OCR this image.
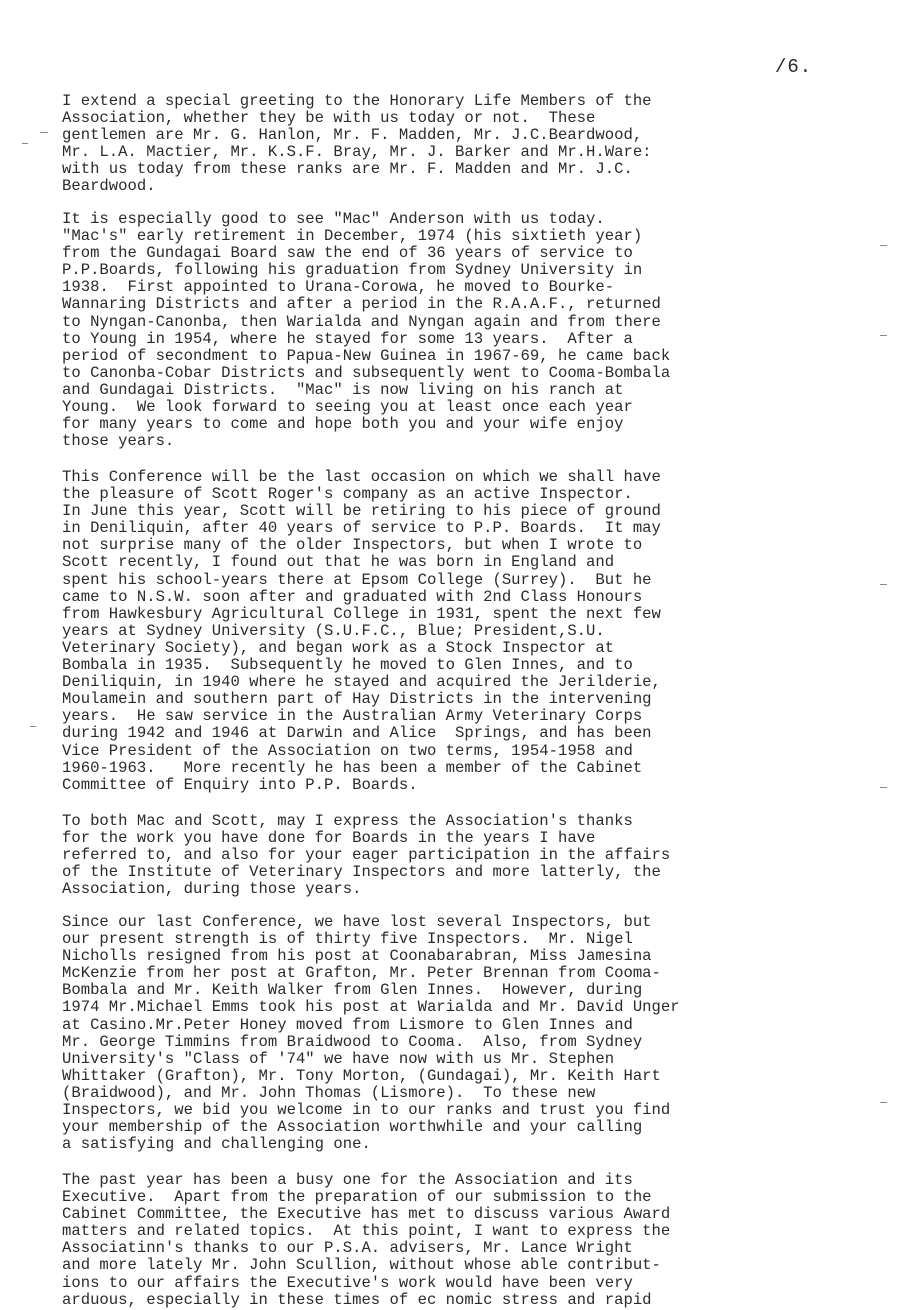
/6.
I extend a special greeting to the Honorary Life Members of the
Association, whether they be with us today or not.  These
gentlemen are Mr. G. Hanlon, Mr. F. Madden, Mr. J.C.Beardwood,
Mr. L.A. Mactier, Mr. K.S.F. Bray, Mr. J. Barker and Mr.H.Ware:
with us today from these ranks are Mr. F. Madden and Mr. J.C.
Beardwood.
It is especially good to see "Mac" Anderson with us today.
"Mac's" early retirement in December, 1974 (his sixtieth year)
from the Gundagai Board saw the end of 36 years of service to
P.P.Boards, following his graduation from Sydney University in
1938.  First appointed to Urana-Corowa, he moved to Bourke-
Wannaring Districts and after a period in the R.A.A.F., returned
to Nyngan-Canonba, then Warialda and Nyngan again and from there
to Young in 1954, where he stayed for some 13 years.  After a
period of secondment to Papua-New Guinea in 1967-69, he came back
to Canonba-Cobar Districts and subsequently went to Cooma-Bombala
and Gundagai Districts.  "Mac" is now living on his ranch at
Young.  We look forward to seeing you at least once each year
for many years to come and hope both you and your wife enjoy
those years.
This Conference will be the last occasion on which we shall have
the pleasure of Scott Roger's company as an active Inspector.
In June this year, Scott will be retiring to his piece of ground
in Deniliquin, after 40 years of service to P.P. Boards.  It may
not surprise many of the older Inspectors, but when I wrote to
Scott recently, I found out that he was born in England and
spent his school-years there at Epsom College (Surrey).  But he
came to N.S.W. soon after and graduated with 2nd Class Honours
from Hawkesbury Agricultural College in 1931, spent the next few
years at Sydney University (S.U.F.C., Blue; President,S.U.
Veterinary Society), and began work as a Stock Inspector at
Bombala in 1935.  Subsequently he moved to Glen Innes, and to
Deniliquin, in 1940 where he stayed and acquired the Jerilderie,
Moulamein and southern part of Hay Districts in the intervening
years.  He saw service in the Australian Army Veterinary Corps
during 1942 and 1946 at Darwin and Alice  Springs, and has been
Vice President of the Association on two terms, 1954-1958 and
1960-1963.   More recently he has been a member of the Cabinet
Committee of Enquiry into P.P. Boards.
To both Mac and Scott, may I express the Association's thanks
for the work you have done for Boards in the years I have
referred to, and also for your eager participation in the affairs
of the Institute of Veterinary Inspectors and more latterly, the
Association, during those years.
Since our last Conference, we have lost several Inspectors, but
our present strength is of thirty five Inspectors.  Mr. Nigel
Nicholls resigned from his post at Coonabarabran, Miss Jamesina
McKenzie from her post at Grafton, Mr. Peter Brennan from Cooma-
Bombala and Mr. Keith Walker from Glen Innes.  However, during
1974 Mr.Michael Emms took his post at Warialda and Mr. David Unger
at Casino.Mr.Peter Honey moved from Lismore to Glen Innes and
Mr. George Timmins from Braidwood to Cooma.  Also, from Sydney
University's "Class of '74" we have now with us Mr. Stephen
Whittaker (Grafton), Mr. Tony Morton, (Gundagai), Mr. Keith Hart
(Braidwood), and Mr. John Thomas (Lismore).  To these new
Inspectors, we bid you welcome in to our ranks and trust you find
your membership of the Association worthwhile and your calling
a satisfying and challenging one.
The past year has been a busy one for the Association and its
Executive.  Apart from the preparation of our submission to the
Cabinet Committee, the Executive has met to discuss various Award
matters and related topics.  At this point, I want to express the
Associatinn's thanks to our P.S.A. advisers, Mr. Lance Wright
and more lately Mr. John Scullion, without whose able contribut-
ions to our affairs the Executive's work would have been very
arduous, especially in these times of ec nomic stress and rapid
